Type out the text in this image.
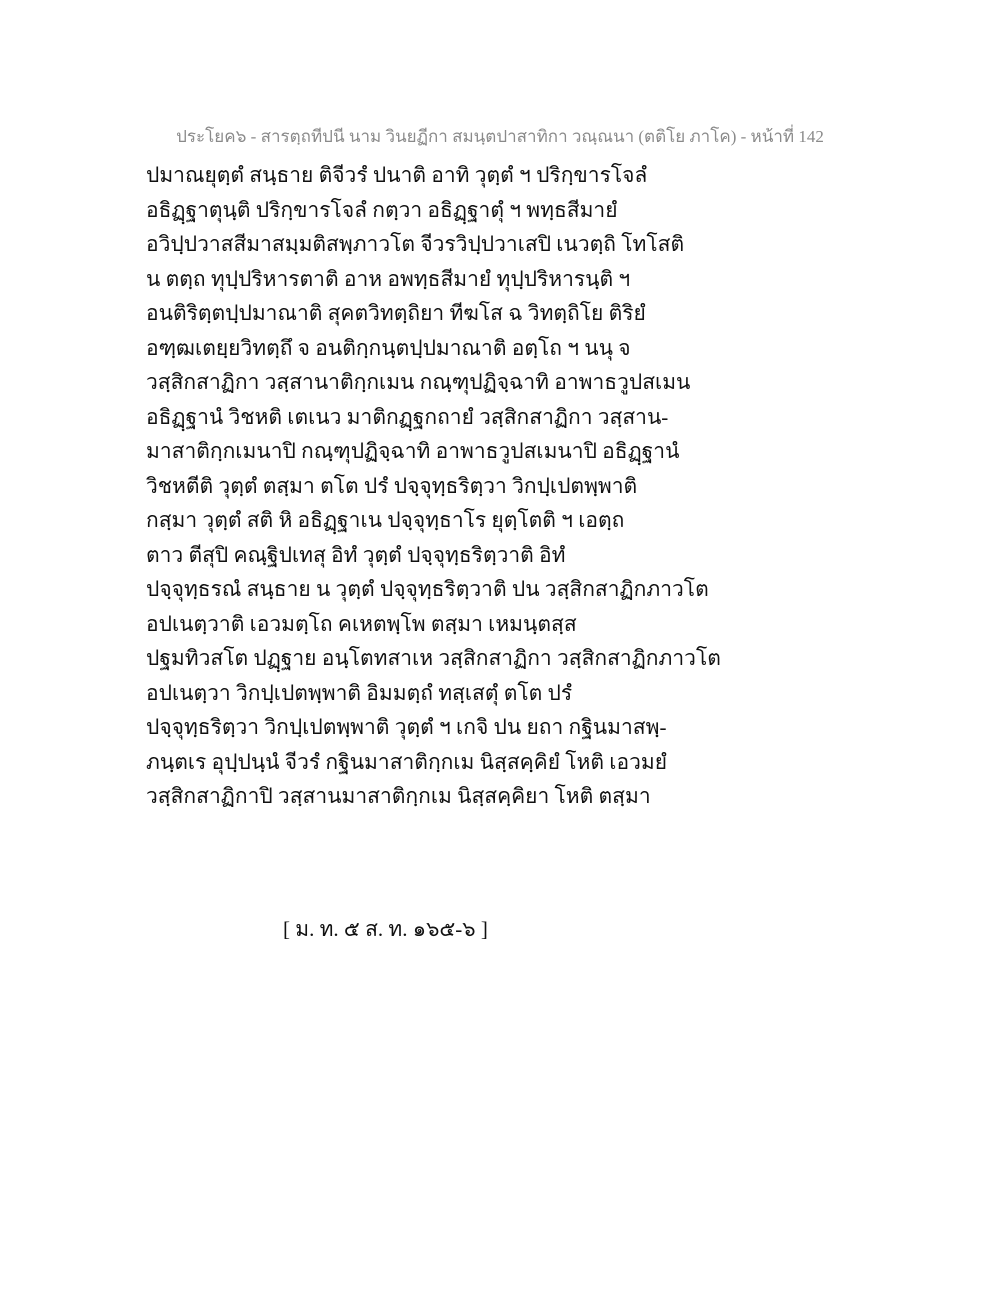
ประโยค๖ - สารตฺถทีปนี นาม วินยฏีกา สมนฺตปาสาทิกา วณฺณนา (ตติโย ภาโค) - หน้าที่ 142
ปมาณยุตฺตํ สนฺธาย ติจีวรํ ปนาติ อาทิ วุตฺตํ ฯ ปริกฺขารโจลํ
อธิฏฺฐาตุนฺติ ปริกฺขารโจลํ กตฺวา อธิฏฺฐาตุํ ฯ พทฺธสีมายํ
อวิปฺปวาสสีมาสมฺมติสพฺภาวโต จีวรวิปฺปวาเสปิ เนวตฺถิ โทโสติ
น ตตฺถ ทุปฺปริหารตาติ อาห อพทฺธสีมายํ ทุปฺปริหารนฺติ ฯ
อนติริตฺตปฺปมาณาติ สุคตวิทตฺถิยา ทีฆโส ฉ วิทตฺถิโย ติริยํ
อฑฺฒเตยฺยวิทตฺถึ จ อนติกฺกนฺตปฺปมาณาติ อตฺโถ ฯ นนุ จ
วสฺสิกสาฏิกา วสฺสานาติกฺกเมน กณฺฑุปฏิจฺฉาทิ อาพาธวูปสเมน
อธิฏฺฐานํ วิชหติ เตเนว มาติกฏฺฐกถายํ วสฺสิกสาฏิกา วสฺสาน-
มาสาติกฺกเมนาปิ กณฺฑุปฏิจฺฉาทิ อาพาธวูปสเมนาปิ อธิฏฺฐานํ
วิชหตีติ วุตฺตํ ตสฺมา ตโต ปรํ ปจฺจุทฺธริตฺวา วิกปฺเปตพฺพาติ
กสฺมา วุตฺตํ สติ หิ อธิฏฺฐาเน ปจฺจุทฺธาโร ยุตฺโตติ ฯ เอตฺถ
ตาว ตีสุปิ คณฺฐิปเทสุ อิทํ วุตฺตํ ปจฺจุทฺธริตฺวาติ อิทํ
ปจฺจุทฺธรณํ สนฺธาย น วุตฺตํ ปจฺจุทฺธริตฺวาติ ปน วสฺสิกสาฏิกภาวโต
อปเนตฺวาติ เอวมตฺโถ คเหตพฺโพ ตสฺมา เหมนฺตสฺส
ปฐมทิวสโต ปฏฺฐาย อนฺโตทสาเห วสฺสิกสาฏิกา วสฺสิกสาฏิกภาวโต
อปเนตฺวา วิกปฺเปตพฺพาติ อิมมตฺถํ ทสฺเสตุํ ตโต ปรํ
ปจฺจุทฺธริตฺวา วิกปฺเปตพฺพาติ วุตฺตํ ฯ เกจิ ปน ยถา กฐินมาสพฺ-
ภนฺตเร อุปฺปนฺนํ จีวรํ กฐินมาสาติกฺกเม นิสฺสคฺคิยํ โหติ เอวมยํ
วสฺสิกสาฏิกาปิ วสฺสานมาสาติกฺกเม นิสฺสคฺคิยา โหติ ตสฺมา
[ ม. ท. ๕ ส. ท. ๑๖๕-๖ ]
